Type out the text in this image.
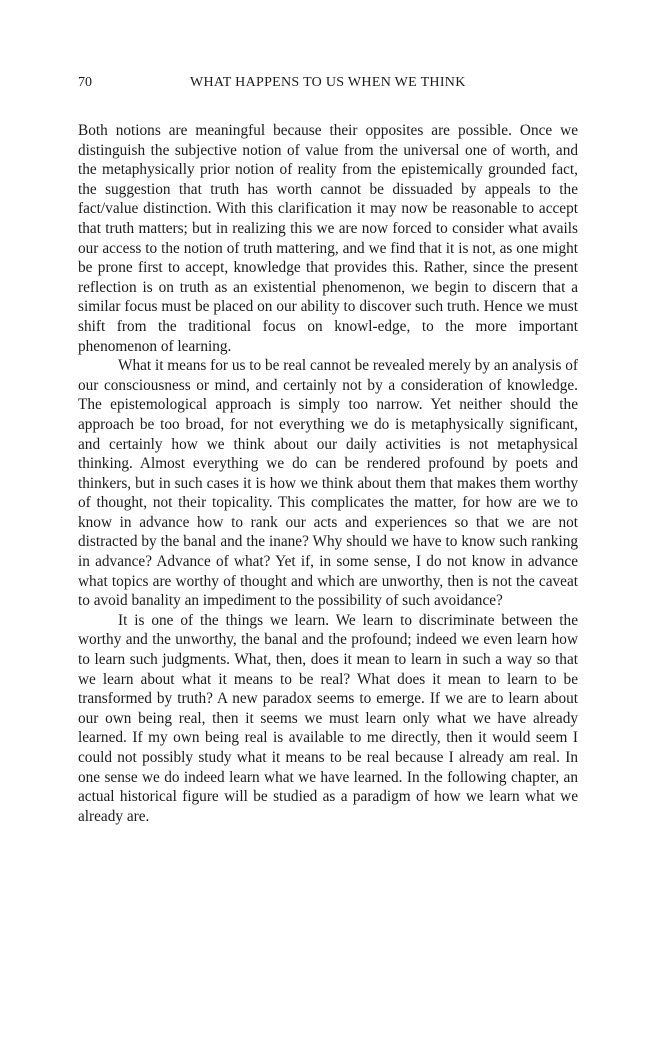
70	WHAT HAPPENS TO US WHEN WE THINK

Both notions are meaningful because their opposites are possible. Once we distinguish the subjective notion of value from the universal one of worth, and the metaphysically prior notion of reality from the epistemically grounded fact, the suggestion that truth has worth cannot be dissuaded by appeals to the fact/value distinction. With this clarification it may now be reasonable to accept that truth matters; but in realizing this we are now forced to consider what avails our access to the notion of truth mattering, and we find that it is not, as one might be prone first to accept, knowledge that provides this. Rather, since the present reflection is on truth as an existential phenomenon, we begin to discern that a similar focus must be placed on our ability to discover such truth. Hence we must shift from the traditional focus on knowl-edge, to the more important phenomenon of learning.

What it means for us to be real cannot be revealed merely by an analysis of our consciousness or mind, and certainly not by a consideration of knowledge. The epistemological approach is simply too narrow. Yet neither should the approach be too broad, for not everything we do is metaphysically significant, and certainly how we think about our daily activities is not metaphysical thinking. Almost everything we do can be rendered profound by poets and thinkers, but in such cases it is how we think about them that makes them worthy of thought, not their topicality. This complicates the matter, for how are we to know in advance how to rank our acts and experiences so that we are not distracted by the banal and the inane? Why should we have to know such ranking in advance? Advance of what? Yet if, in some sense, I do not know in advance what topics are worthy of thought and which are unworthy, then is not the caveat to avoid banality an impediment to the possibility of such avoidance?

It is one of the things we learn. We learn to discriminate between the worthy and the unworthy, the banal and the profound; indeed we even learn how to learn such judgments. What, then, does it mean to learn in such a way so that we learn about what it means to be real? What does it mean to learn to be transformed by truth? A new paradox seems to emerge. If we are to learn about our own being real, then it seems we must learn only what we have already learned. If my own being real is available to me directly, then it would seem I could not possibly study what it means to be real because I already am real. In one sense we do indeed learn what we have learned. In the following chapter, an actual historical figure will be studied as a paradigm of how we learn what we already are.
